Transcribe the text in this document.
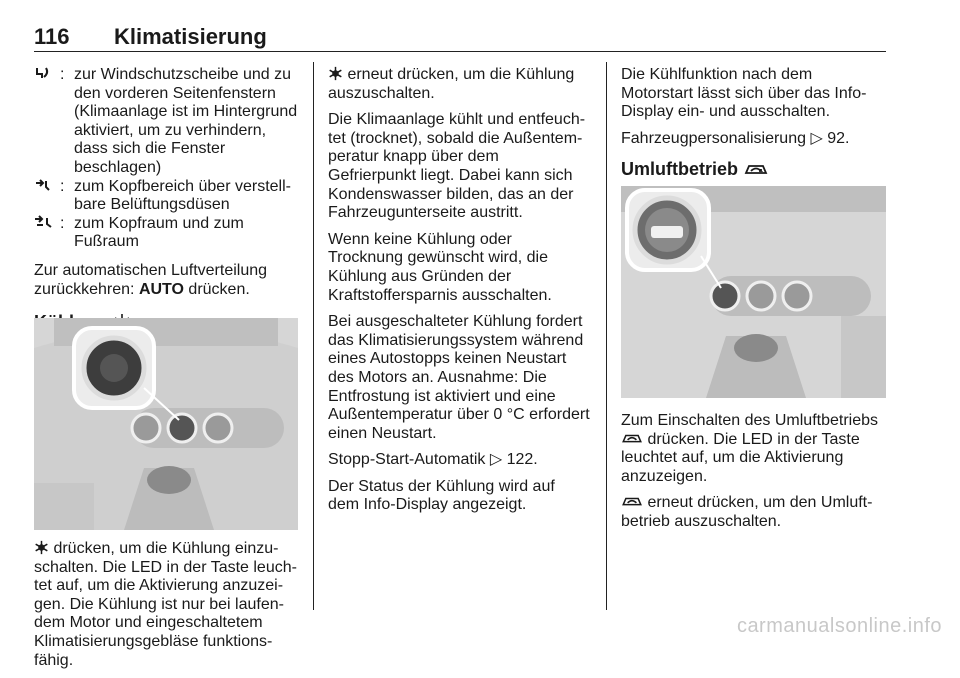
116 Klimatisierung
: zur Windschutzscheibe und zu den vorderen Seitenfenstern (Klimaanlage ist im Hintergrund aktiviert, um zu verhindern, dass sich die Fenster beschlagen)
: zum Kopfbereich über verstellbare Belüftungsdüsen
: zum Kopfraum und zum Fußraum

Zur automatischen Luftverteilung zurückkehren: AUTO drücken.

drücken, um die Kühlung einzuschalten. Die LED in der Taste leuchtet auf, um die Aktivierung anzuzeigen. Die Kühlung ist nur bei laufendem Motor und eingeschaltetem Klimatisierungsgebläse funktionsfähig.

erneut drücken, um die Kühlung auszuschalten.

Die Klimaanlage kühlt und entfeuchtet (trocknet), sobald die Außentemperatur knapp über dem Gefrierpunkt liegt. Dabei kann sich Kondenswasser bilden, das an der Fahrzeugunterseite austritt.

Wenn keine Kühlung oder Trocknung gewünscht wird, die Kühlung aus Gründen der Kraftstoffersparnis ausschalten.

Bei ausgeschalteter Kühlung fordert das Klimatisierungssystem während eines Autostopps keinen Neustart des Motors an. Ausnahme: Die Entfrostung ist aktiviert und eine Außentemperatur über 0 °C erfordert einen Neustart.

Stopp-Start-Automatik ▷ 122.

Der Status der Kühlung wird auf dem Info-Display angezeigt.

Die Kühlfunktion nach dem Motorstart lässt sich über das Info-Display ein- und ausschalten.

Fahrzeugpersonalisierung ▷ 92.

Umluftbetrieb

Zum Einschalten des Umluftbetriebs  drücken. Die LED in der Taste leuchtet auf, um die Aktivierung anzuzeigen.

erneut drücken, um den Umluftbetrieb auszuschalten.

carmanualsonline.info
